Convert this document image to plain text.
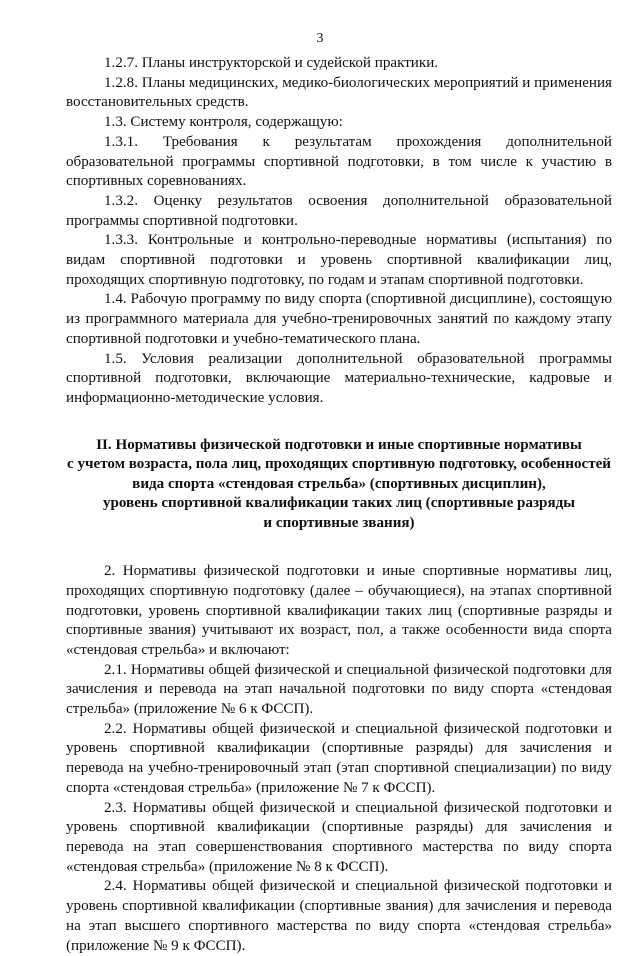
3

1.2.7. Планы инструкторской и судейской практики.

1.2.8. Планы медицинских, медико-биологических мероприятий и применения восстановительных средств.

1.3. Систему контроля, содержащую:

1.3.1. Требования к результатам прохождения дополнительной образовательной программы спортивной подготовки, в том числе к участию в спортивных соревнованиях.

1.3.2. Оценку результатов освоения дополнительной образовательной программы спортивной подготовки.

1.3.3. Контрольные и контрольно-переводные нормативы (испытания) по видам спортивной подготовки и уровень спортивной квалификации лиц, проходящих спортивную подготовку, по годам и этапам спортивной подготовки.

1.4. Рабочую программу по виду спорта (спортивной дисциплине), состоящую из программного материала для учебно-тренировочных занятий по каждому этапу спортивной подготовки и учебно-тематического плана.

1.5. Условия реализации дополнительной образовательной программы спортивной подготовки, включающие материально-технические, кадровые и информационно-методические условия.

II. Нормативы физической подготовки и иные спортивные нормативы
с учетом возраста, пола лиц, проходящих спортивную подготовку, особенностей
вида спорта «стендовая стрельба» (спортивных дисциплин),
уровень спортивной квалификации таких лиц (спортивные разряды
и спортивные звания)

2. Нормативы физической подготовки и иные спортивные нормативы лиц, проходящих спортивную подготовку (далее – обучающиеся), на этапах спортивной подготовки, уровень спортивной квалификации таких лиц (спортивные разряды и спортивные звания) учитывают их возраст, пол, а также особенности вида спорта «стендовая стрельба» и включают:

2.1. Нормативы общей физической и специальной физической подготовки для зачисления и перевода на этап начальной подготовки по виду спорта «стендовая стрельба» (приложение № 6 к ФССП).

2.2. Нормативы общей физической и специальной физической подготовки и уровень спортивной квалификации (спортивные разряды) для зачисления и перевода на учебно-тренировочный этап (этап спортивной специализации) по виду спорта «стендовая стрельба» (приложение № 7 к ФССП).

2.3. Нормативы общей физической и специальной физической подготовки и уровень спортивной квалификации (спортивные разряды) для зачисления и перевода на этап совершенствования спортивного мастерства по виду спорта «стендовая стрельба» (приложение № 8 к ФССП).

2.4. Нормативы общей физической и специальной физической подготовки и уровень спортивной квалификации (спортивные звания) для зачисления и перевода на этап высшего спортивного мастерства по виду спорта «стендовая стрельба» (приложение № 9 к ФССП).
